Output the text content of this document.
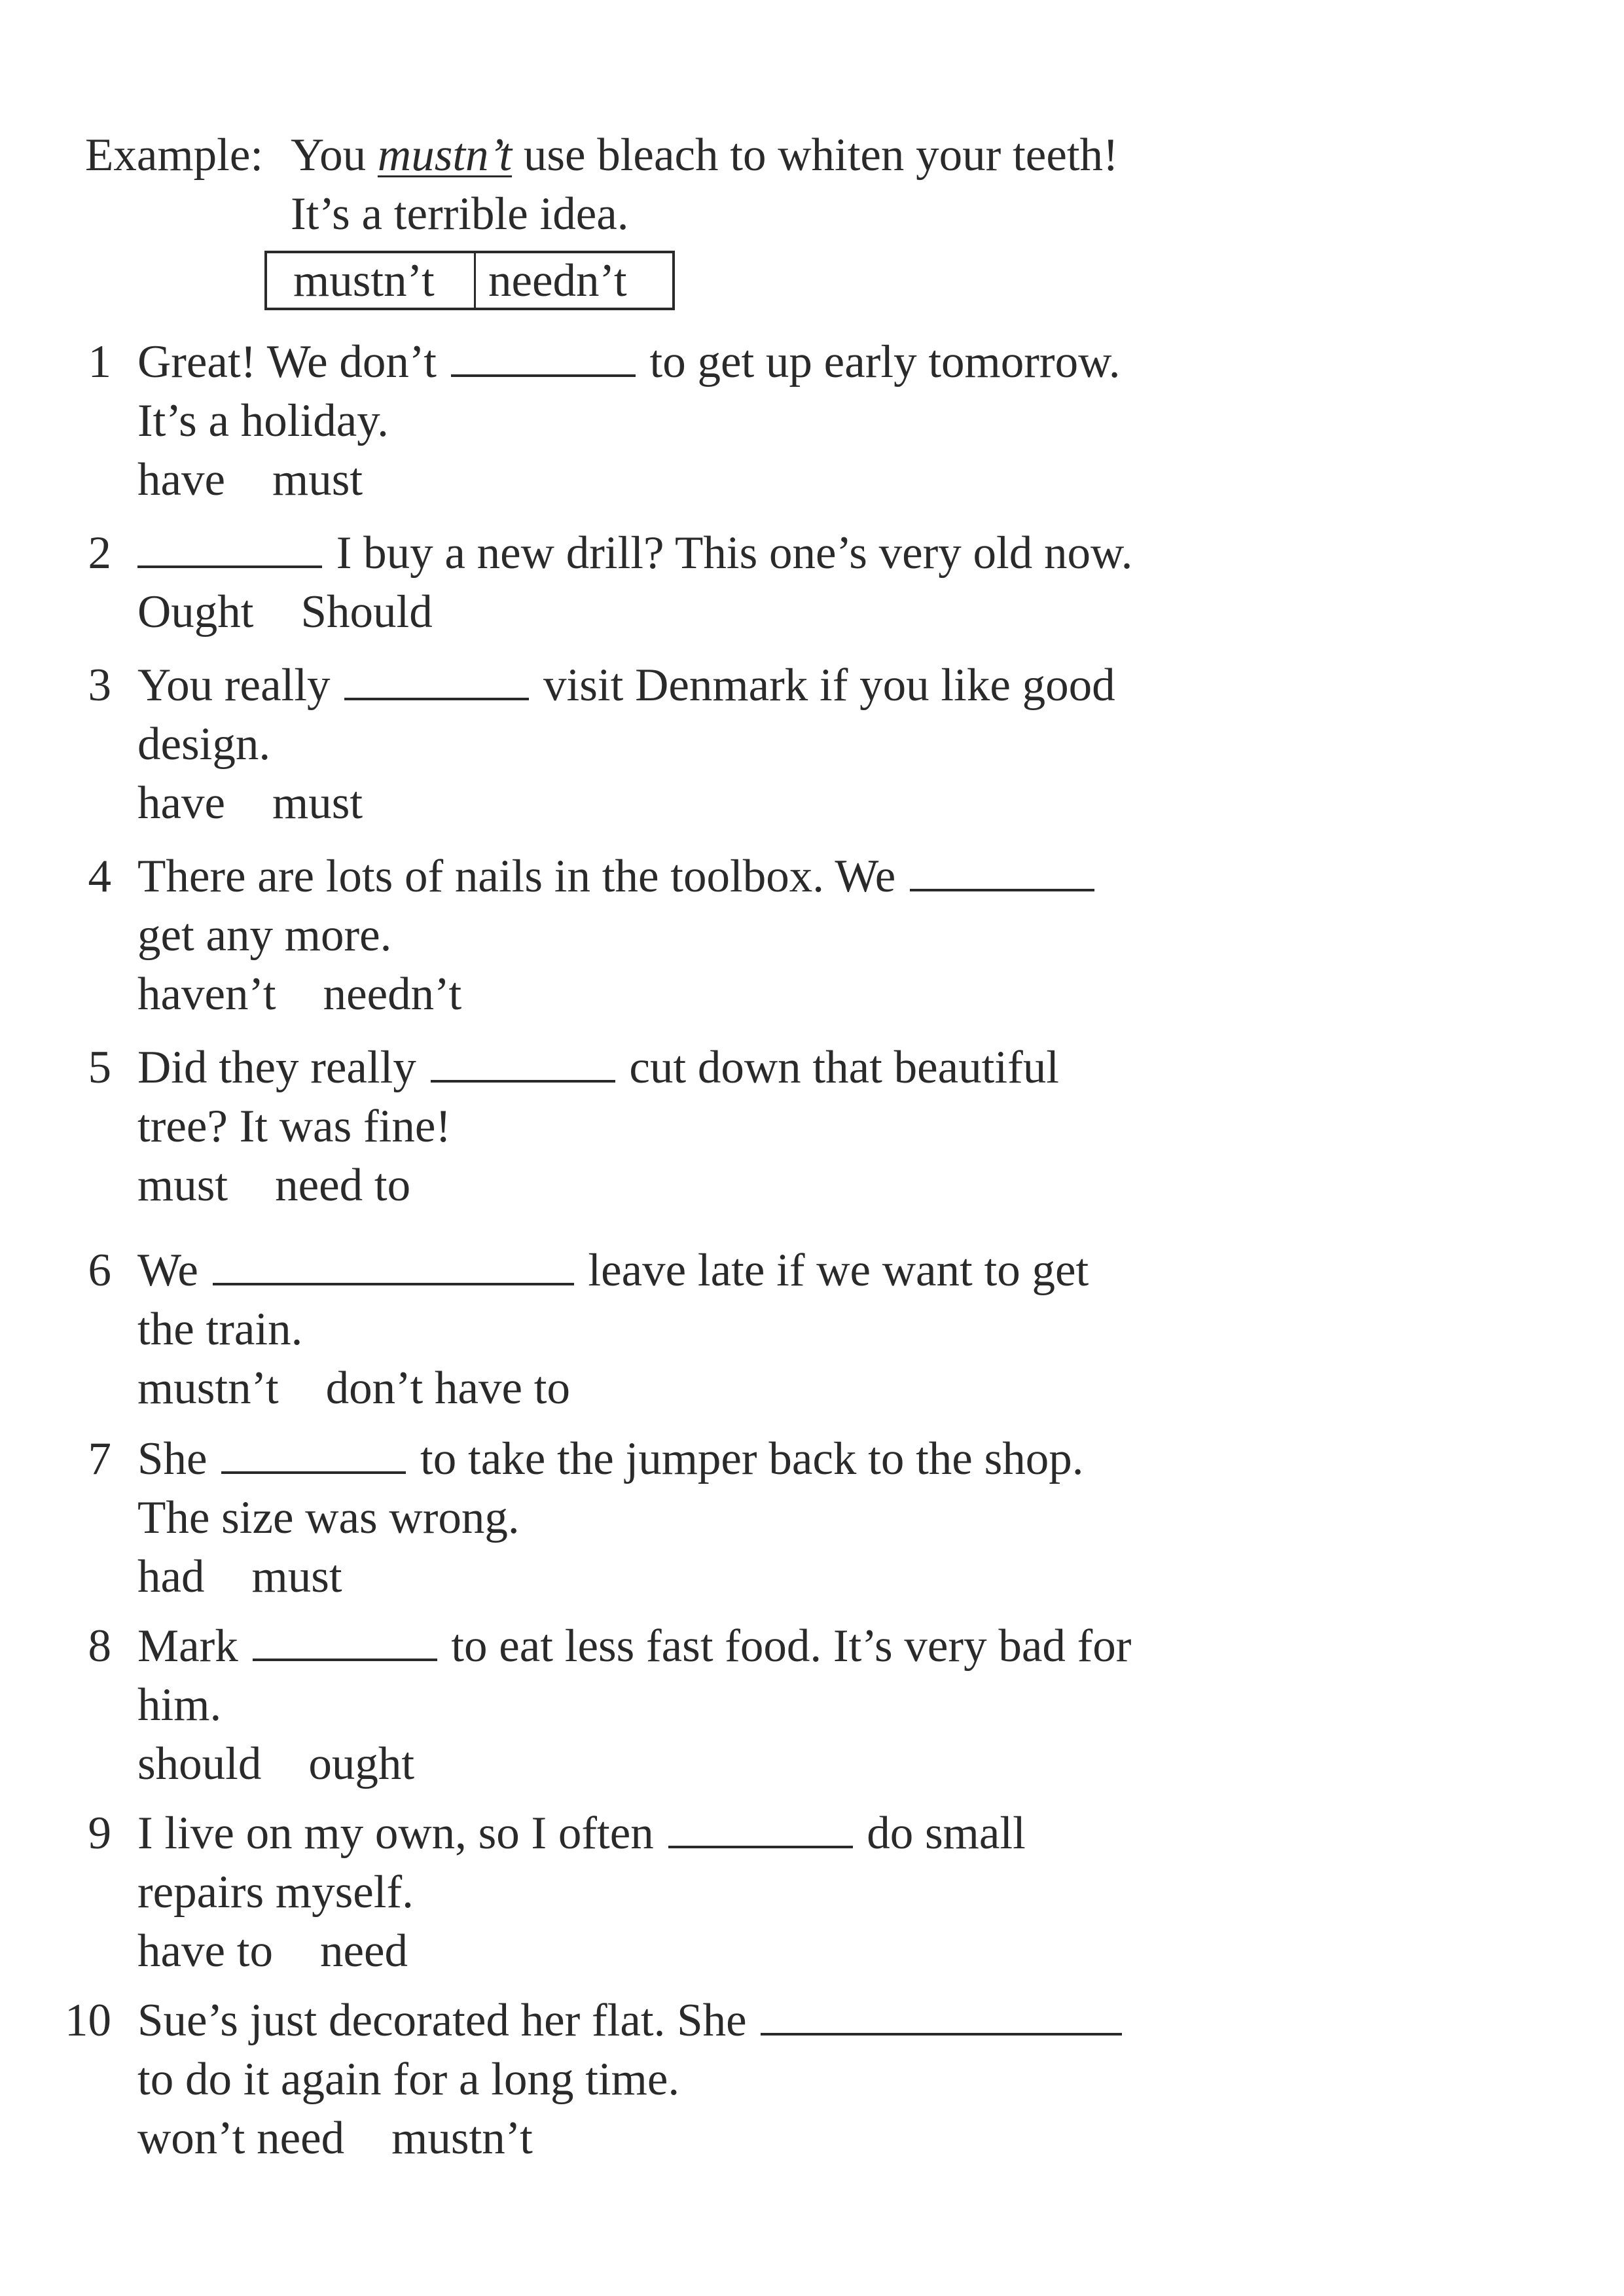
Example: You mustn’t use bleach to whiten your teeth!
It’s a terrible idea.
mustn’t needn’t
1 Great! We don’t	to get up early tomorrow.
It’s a holiday.
have must
2	I buy a new drill? This one’s very old now.
Ought Should
3 You really	visit Denmark if you like good
design.
have must
4 There are lots of nails in the toolbox. We
get any more.
haven’t needn’t
5 Did they really	cut down that beautiful
tree? It was fine!
must need to
6 We	leave late if we want to get
the train.
mustn’t don’t have to
7 She	to take the jumper back to the shop.
The size was wrong.
had must
8 Mark	to eat less fast food. It’s very bad for
him.
should ought
9 I live on my own, so I often	do small
repairs myself.
have to need
10 Sue’s just decorated her flat. She
to do it again for a long time.
won’t need mustn’t
